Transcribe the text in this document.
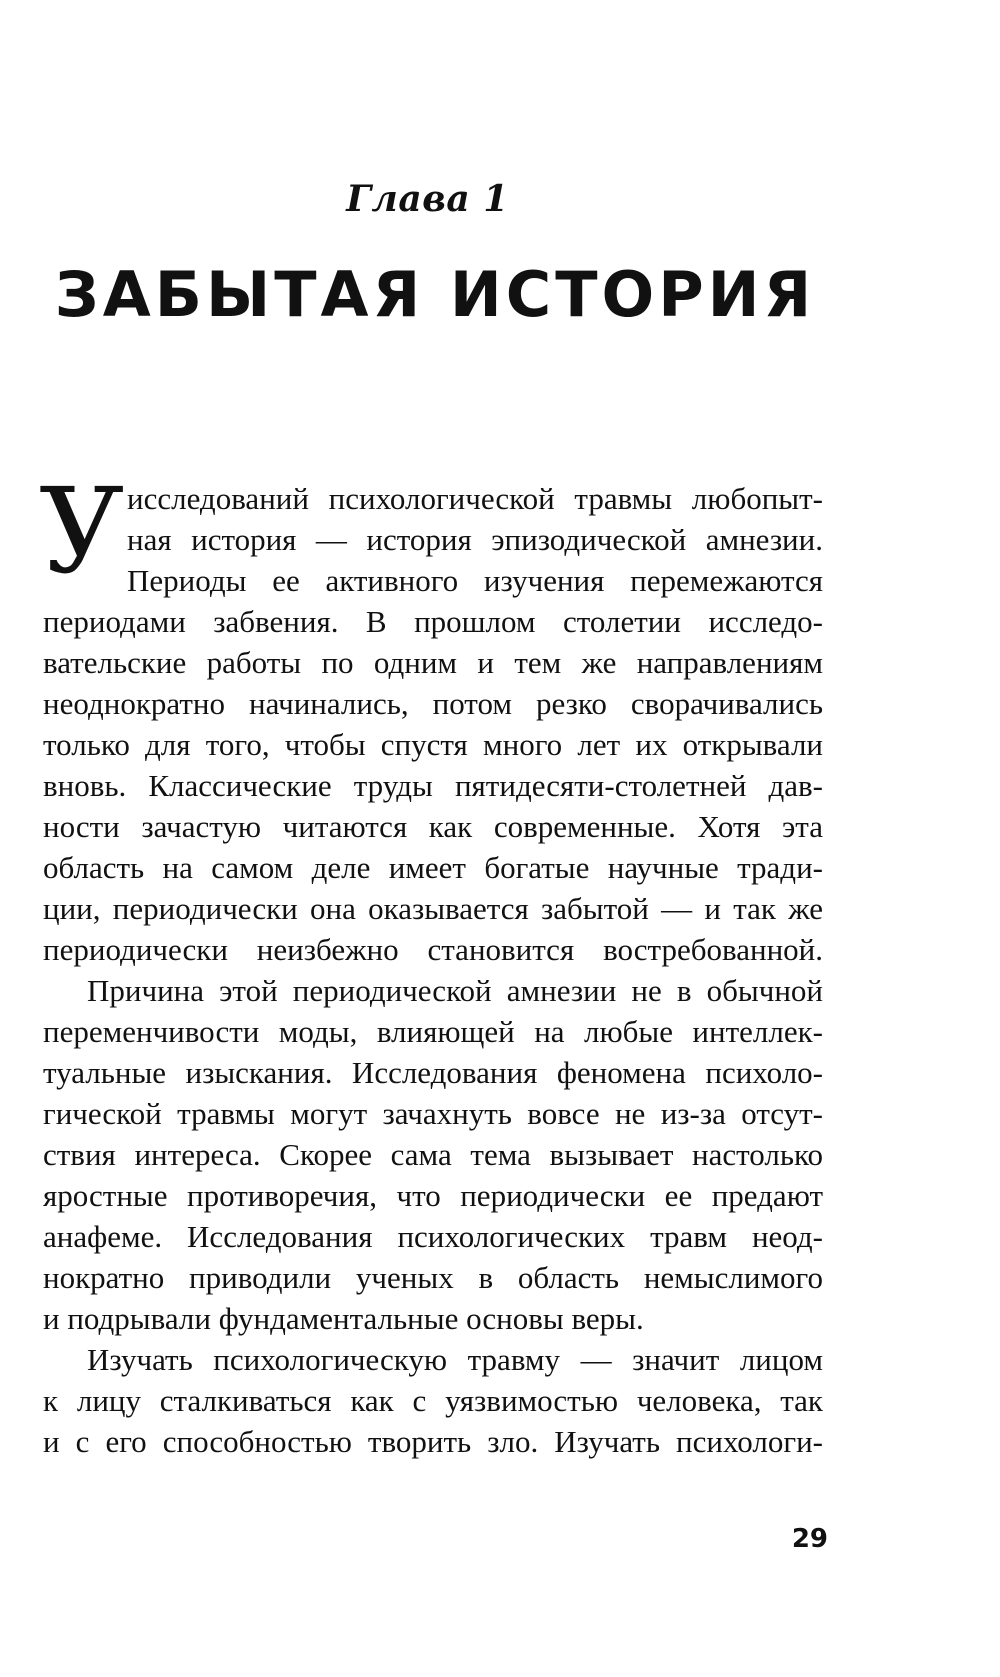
Глава 1
ЗАБЫТАЯ ИСТОРИЯ
У исследований психологической травмы любопыт-
ная история — история эпизодической амнезии.
Периоды ее активного изучения перемежаются
периодами забвения. В прошлом столетии исследо-
вательские работы по одним и тем же направлениям
неоднократно начинались, потом резко сворачивались
только для того, чтобы спустя много лет их открывали
вновь. Классические труды пятидесяти-столетней дав-
ности зачастую читаются как современные. Хотя эта
область на самом деле имеет богатые научные тради-
ции, периодически она оказывается забытой — и так же
периодически неизбежно становится востребованной.
Причина этой периодической амнезии не в обычной
переменчивости моды, влияющей на любые интеллек-
туальные изыскания. Исследования феномена психоло-
гической травмы могут зачахнуть вовсе не из-за отсут-
ствия интереса. Скорее сама тема вызывает настолько
яростные противоречия, что периодически ее предают
анафеме. Исследования психологических травм неод-
нократно приводили ученых в область немыслимого
и подрывали фундаментальные основы веры.
Изучать психологическую травму — значит лицом
к лицу сталкиваться как с уязвимостью человека, так
и с его способностью творить зло. Изучать психологи-
29
